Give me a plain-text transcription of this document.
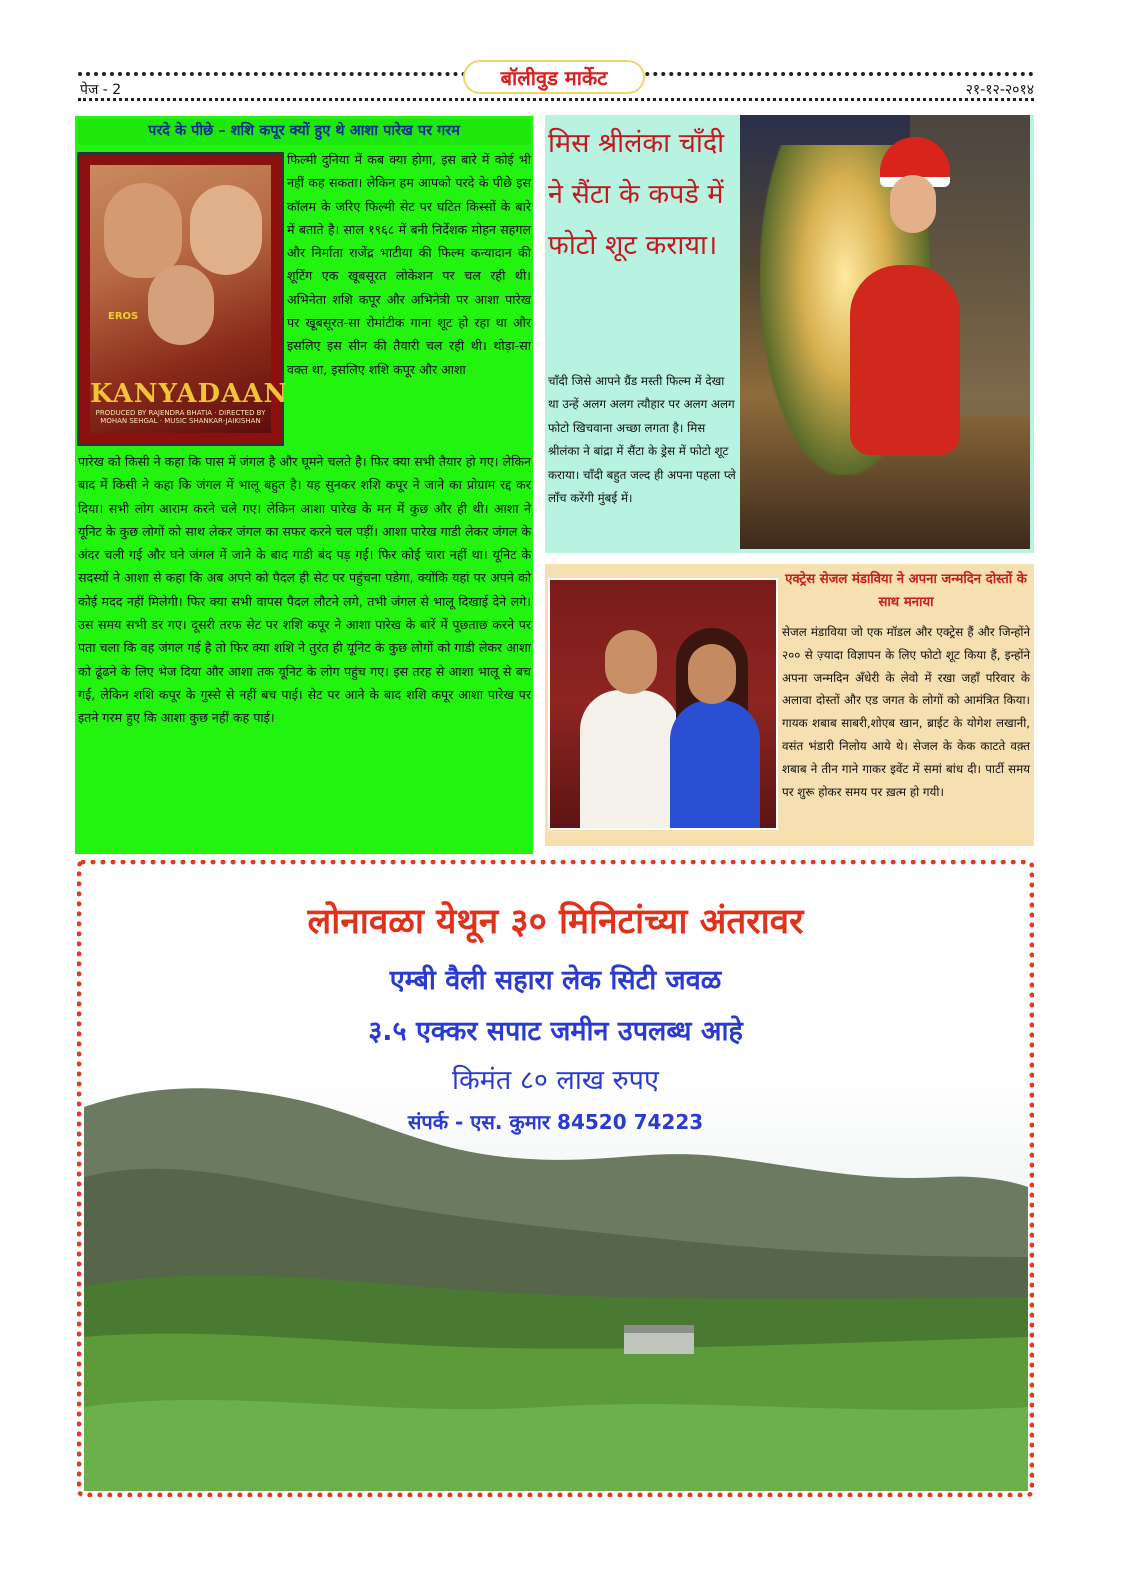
बॉलीवुड मार्केट
पेज - 2	२१-१२-२०१४
परदे के पीछे – शशि कपूर क्यों हुए थे आशा पारेख पर गरम
EROS
KANYADAAN
PRODUCED BY RAJENDRA BHATIA · DIRECTED BY MOHAN SEHGAL · MUSIC SHANKAR-JAIKISHAN
फिल्मी दुनिया में कब क्या होगा, इस बारे में कोई भी नहीं कह सकता। लेकिन हम आपको परदे के पीछे इस कॉलम के जरिए फिल्मी सेट पर घटित किस्सों के बारे में बताते है। साल १९६८ में बनी निर्देशक मोहन सहगल और निर्माता राजेंद्र भाटीया की फिल्म कन्यादान की शूटिंग एक खूबसूरत लोकेशन पर चल रही थी। अभिनेता शशि कपूर और अभिनेत्री पर आशा पारेख पर खूबसूरत-सा रोमांटीक गाना शूट हो रहा था और इसलिए इस सीन की तैयारी चल रही थी। थोड़ा-सा वक्त था, इसलिए शशि कपूर और आशा
पारेख को किसी ने कहा कि पास में जंगल है और घूमने चलते है। फिर क्या सभी तैयार हो गए। लेकिन बाद में किसी ने कहा कि जंगल में भालू बहुत है। यह सुनकर शशि कपूर ने जाने का प्रोग्राम रद्द कर दिया। सभी लोग आराम करने चले गए। लेकिन आशा पारेख के मन में कुछ और ही थी। आशा ने यूनिट के कुछ लोगों को साथ लेकर जंगल का सफर करने चल पड़ीं। आशा पारेख गाडी लेकर जंगल के अंदर चली गई और घने जंगल में जाने के बाद गाडी बंद पड़ गई। फिर कोई चारा नहीं था। यूनिट के सदस्यों ने आशा से कहा कि अब अपने को पैदल ही सेट पर पहुंचना पडेगा, क्योंकि यहां पर अपने को कोई मदद नहीं मिलेगी। फिर क्या सभी वापस पैदल लौटने लगे, तभी जंगल से भालू दिखाई देने लगे। उस समय सभी डर गए। दूसरी तरफ सेट पर शशि कपूर ने आशा पारेख के बारें में पूछताछ करने पर पता चला कि वह जंगल गई है तो फिर क्या शशि ने तुरंत ही यूनिट के कुछ लोगों को गाडी लेकर आशा को ढूंढने के लिए भेज दिया और आशा तक यूनिट के लोग पहुंच गए। इस तरह से आशा भालू से बच गई, लेकिन शशि कपूर के गुस्से से नहीं बच पाई। सेट पर आने के बाद शशि कपूर आशा पारेख पर इतने गरम हुए कि आशा कुछ नहीं कह पाई।
मिस श्रीलंका चाँदी ने सैंटा के कपडे में फोटो शूट कराया।
चाँदी जिसे आपने ग्रैंड मस्ती फिल्म में देखा था उन्हें अलग अलग त्यौहार पर अलग अलग फोटो खिचवाना अच्छा लगता है। मिस श्रीलंका ने बांद्रा में सैंटा के ड्रेस में फोटो शूट कराया। चाँदी बहुत जल्द ही अपना पहला प्ले लॉंच करेंगी मुंबई में।
एक्ट्रेस सेजल मंडाविया ने अपना जन्मदिन दोस्तों के साथ मनाया
सेजल मंडाविया जो एक मॉडल और एक्ट्रेस हैं और जिन्होंने २०० से ज़्यादा विज्ञापन के लिए फोटो शूट किया हैं, इन्होंने अपना जन्मदिन अँधेरी के लेवो में रखा जहाँ परिवार के अलावा दोस्तों और एड जगत के लोगों को आमंत्रित किया। गायक शबाब साबरी,शोएब खान, ब्राईट के योगेश लखानी, वसंत भंडारी निलोय आये थे। सेजल के केक काटते वक़्त शबाब ने तीन गाने गाकर इवेंट में समां बांध दी। पार्टी समय पर शुरू होकर समय पर ख़त्म हो गयी।
लोनावळा येथून ३० मिनिटांच्या अंतरावर
एम्बी वैली सहारा लेक सिटी जवळ
३.५ एक्कर सपाट जमीन उपलब्ध आहे
किमंत ८० लाख रुपए
संपर्क - एस. कुमार 84520 74223
